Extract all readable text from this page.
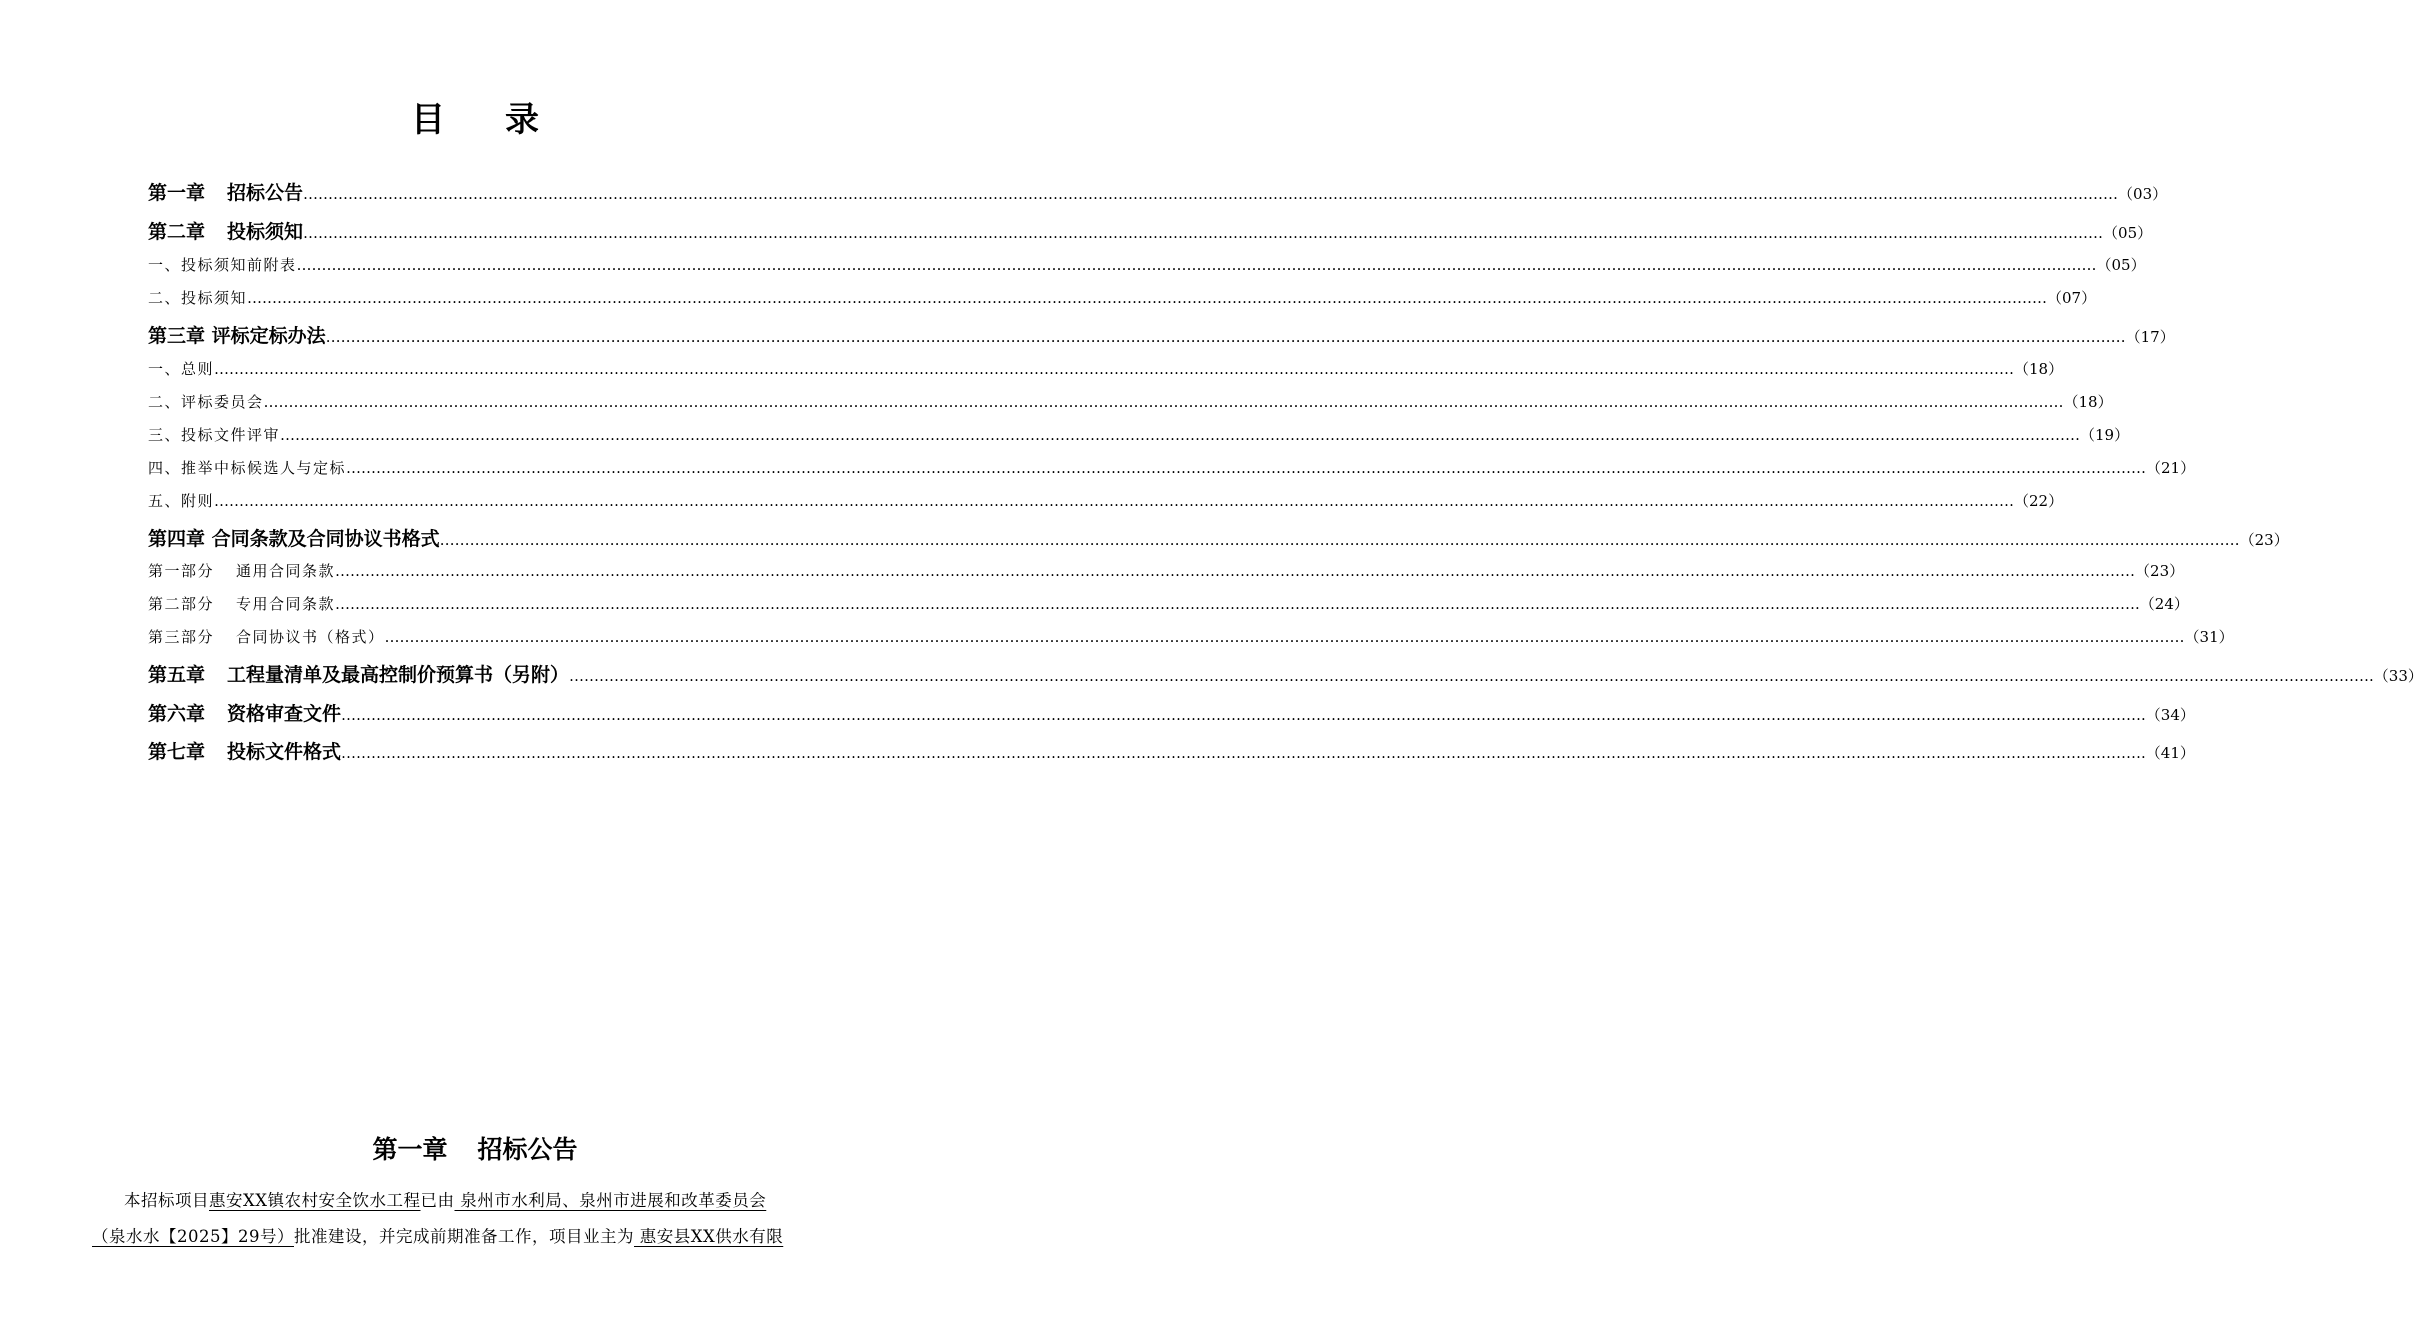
目 录
第一章 招标公告 ……………………………………………………………………………………………………………………………………………………………………………………………………………………………………………………………………………………………………………………………… …（03）
第二章 投标须知 ……………………………………………………………………………………………………………………………………………………………………………………………………………………………………………………………………………………………………………………………… （05）
一、投标须知前附表 ……………………………………………………………………………………………………………………………………………………………………………………………………………………………………………………………………………………………………………………………… （05）
二、投标须知 ……………………………………………………………………………………………………………………………………………………………………………………………………………………………………………………………………………………………………………………………… （07）
第三章 评标定标办法 ……………………………………………………………………………………………………………………………………………………………………………………………………………………………………………………………………………………………………………………………… （17）
一、总则 ……………………………………………………………………………………………………………………………………………………………………………………………………………………………………………………………………………………………………………………………… （18）
二、评标委员会 ……………………………………………………………………………………………………………………………………………………………………………………………………………………………………………………………………………………………………………………………… （18）
三、投标文件评审 ……………………………………………………………………………………………………………………………………………………………………………………………………………………………………………………………………………………………………………………………… （19）
四、推举中标候选人与定标 ……………………………………………………………………………………………………………………………………………………………………………………………………………………………………………………………………………………………………………………………… （21）
五、附则 ……………………………………………………………………………………………………………………………………………………………………………………………………………………………………………………………………………………………………………………………… （22）
第四章 合同条款及合同协议书格式 ……………………………………………………………………………………………………………………………………………………………………………………………………………………………………………………………………………………………………………………………… （23）
第一部分 通用合同条款 ……………………………………………………………………………………………………………………………………………………………………………………………………………………………………………………………………………………………………………………………… （23）
第二部分 专用合同条款 ……………………………………………………………………………………………………………………………………………………………………………………………………………………………………………………………………………………………………………………………… .（24）
第三部分 合同协议书（格式） ……………………………………………………………………………………………………………………………………………………………………………………………………………………………………………………………………………………………………………………………… （31）
第五章 工程量清单及最高控制价预算书（另附） ……………………………………………………………………………………………………………………………………………………………………………………………………………………………………………………………………………………………………………………………… .（33）
第六章 资格审查文件 ……………………………………………………………………………………………………………………………………………………………………………………………………………………………………………………………………………………………………………………………… .（34）
第七章 投标文件格式 ……………………………………………………………………………………………………………………………………………………………………………………………………………………………………………………………………………………………………………………………… .（41）
第一章 招标公告
本招标项目惠安XX镇农村安全饮水工程已由 泉州市水利局、泉州市进展和改革委员会
（泉水水【2025】29号）批准建设，并完成前期准备工作，项目业主为 惠安县XX供水有限
